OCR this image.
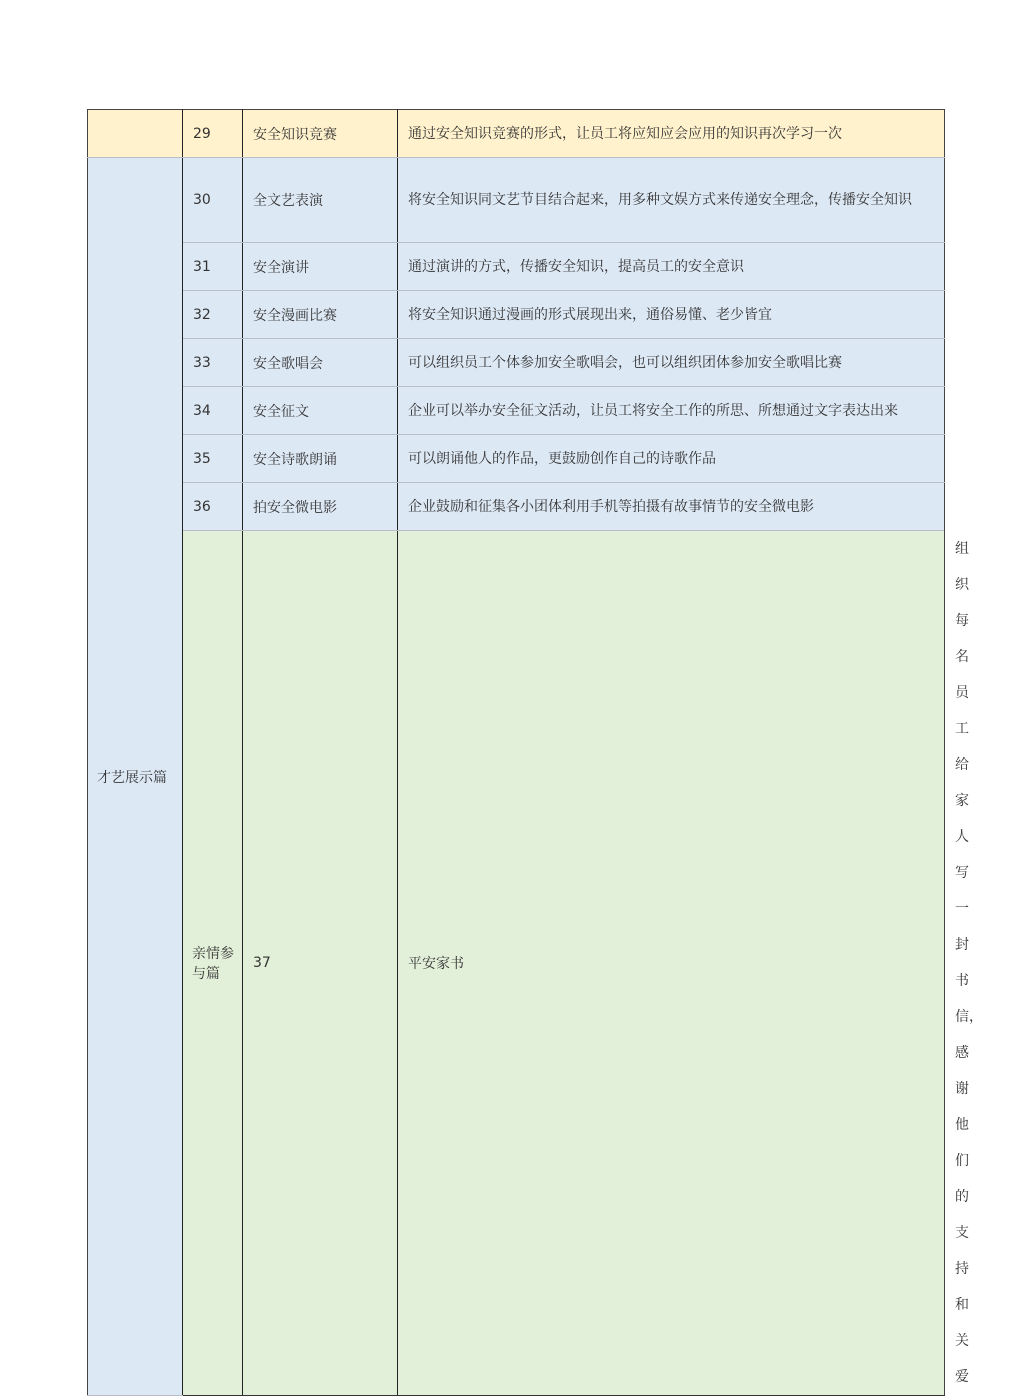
	29	安全知识竞赛	通过安全知识竞赛的形式，让员工将应知应会应用的知识再次学习一次	
才艺展示篇	30	全文艺表演	将安全知识同文艺节目结合起来，用多种文娱方式来传递安全理念，传播安全知识	
	31	安全演讲	通过演讲的方式，传播安全知识，提高员工的安全意识	
	32	安全漫画比赛	将安全知识通过漫画的形式展现出来，通俗易懂、老少皆宜	
	33	安全歌唱会	可以组织员工个体参加安全歌唱会，也可以组织团体参加安全歌唱比赛	
	34	安全征文	企业可以举办安全征文活动，让员工将安全工作的所思、所想通过文字表达出来	
	35	安全诗歌朗诵	可以朗诵他人的作品，更鼓励创作自己的诗歌作品	
	36	拍安全微电影	企业鼓励和征集各小团体利用手机等拍摄有故事情节的安全微电影	
	亲情参与篇	37	平安家书	组织每名员工给家人写一封书信，感谢他们的支持和关爱
